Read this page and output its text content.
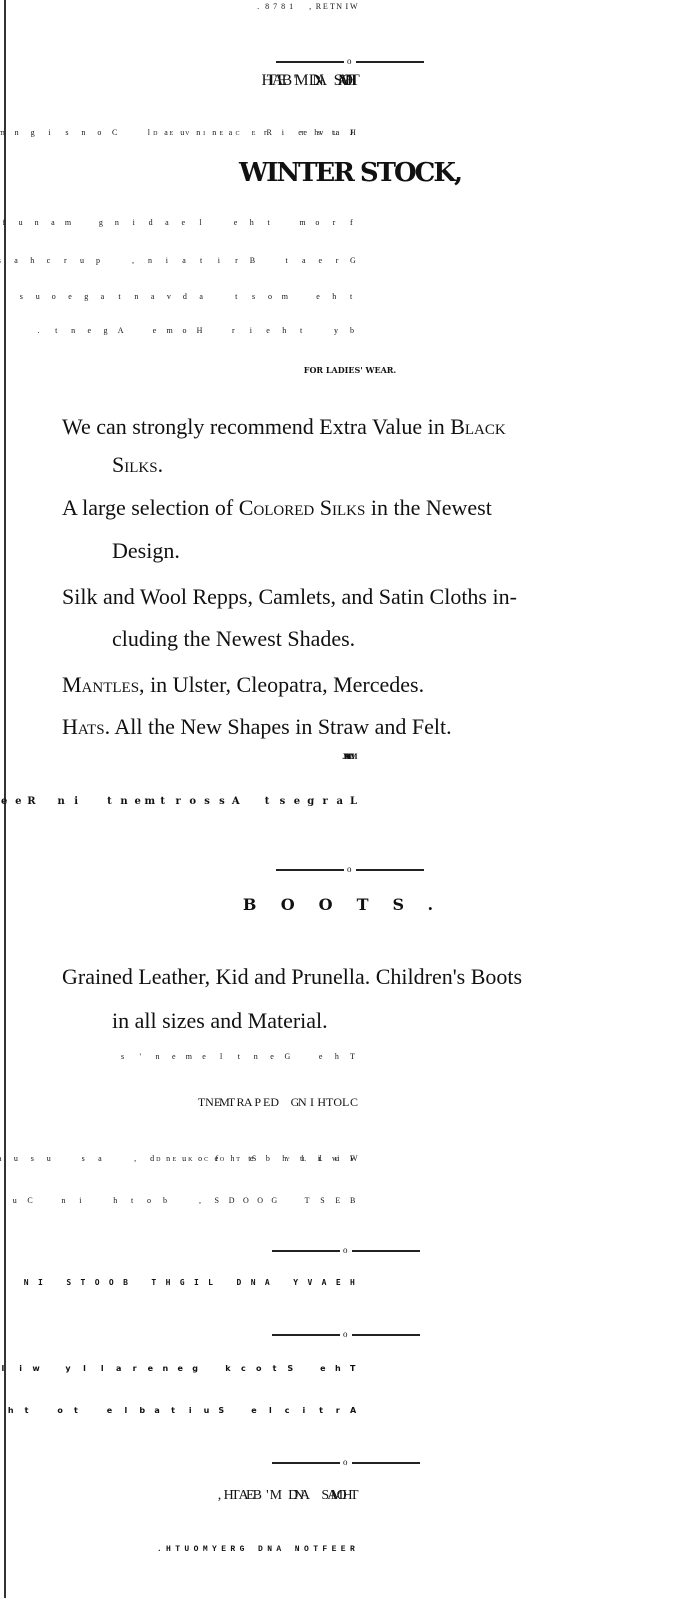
o
WINTER STOCK,
FOR LADIES' WEAR.
We can strongly recommend Extra Value in Black
Silks.
A large selection of Colored Silks in the Newest
Design.
Silk and Wool Repps, Camlets, and Satin Cloths in-
cluding the Newest Shades.
Mantles, in Ulster, Cleopatra, Mercedes.
Hats. All the New Shapes in Straw and Felt.
o
BOOTS.
Grained Leather, Kid and Prunella. Children's Boots
in all sizes and Material.
o
o
o
